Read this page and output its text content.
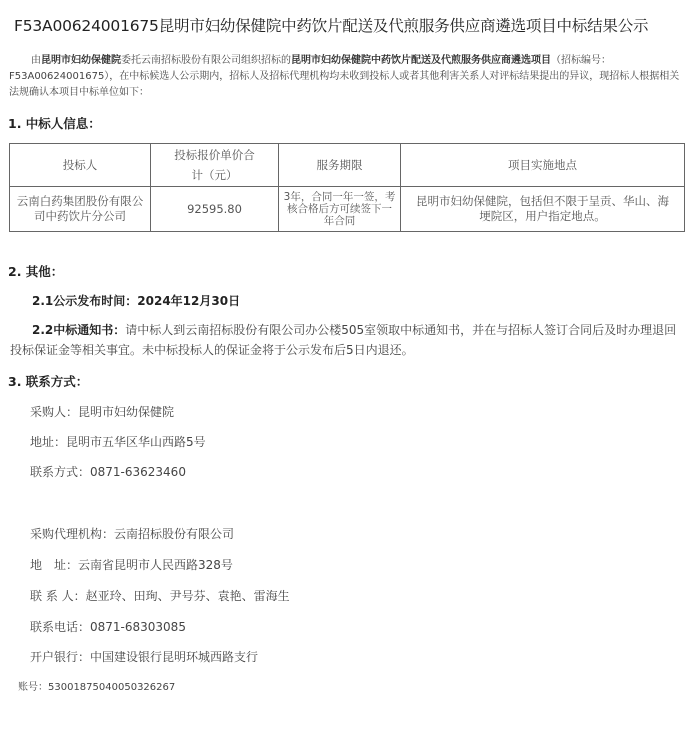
F53A00624001675昆明市妇幼保健院中药饮片配送及代煎服务供应商遴选项目中标结果公示
由昆明市妇幼保健院委托云南招标股份有限公司组织招标的昆明市妇幼保健院中药饮片配送及代煎服务供应商遴选项目（招标编号：F53A00624001675），在中标候选人公示期内，招标人及招标代理机构均未收到投标人或者其他利害关系人对评标结果提出的异议，现招标人根据相关法规确认本项目中标单位如下：
1. 中标人信息：
投标人	投标报价单价合计（元）	服务期限	项目实施地点
云南白药集团股份有限公司中药饮片分公司	92595.80	3年，合同一年一签，考核合格后方可续签下一年合同	昆明市妇幼保健院，包括但不限于呈贡、华山、海埂院区，用户指定地点。
2. 其他：
2.1公示发布时间：2024年12月30日
2.2中标通知书：请中标人到云南招标股份有限公司办公楼505室领取中标通知书，并在与招标人签订合同后及时办理退回投标保证金等相关事宜。未中标投标人的保证金将于公示发布后5日内退还。
3. 联系方式：
采购人：昆明市妇幼保健院
地址：昆明市五华区华山西路5号
联系方式：0871-63623460
采购代理机构：云南招标股份有限公司
地　址：云南省昆明市人民西路328号
联 系 人：赵亚玲、田珣、尹号芬、袁艳、雷海生
联系电话：0871-68303085
开户银行：中国建设银行昆明环城西路支行
账号：53001875040050326267
